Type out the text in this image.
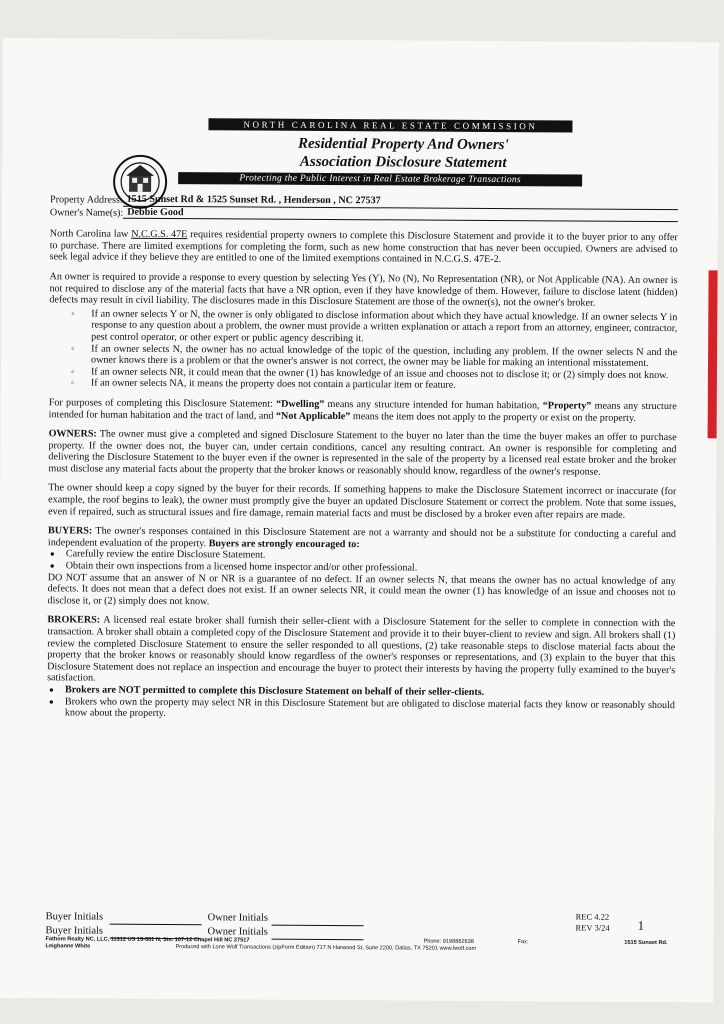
NORTH CAROLINA REAL ESTATE COMMISSION
Residential Property And Owners'
Association Disclosure Statement
Protecting the Public Interest in Real Estate Brokerage Transactions
Property Address: 1515 Sunset Rd & 1525 Sunset Rd. , Henderson , NC 27537
Owner's Name(s): Debbie Good

North Carolina law N.C.G.S. 47E requires residential property owners to complete this Disclosure Statement and provide it to the buyer prior to any offer to purchase. There are limited exemptions for completing the form, such as new home construction that has never been occupied. Owners are advised to seek legal advice if they believe they are entitled to one of the limited exemptions contained in N.C.G.S. 47E-2.

An owner is required to provide a response to every question by selecting Yes (Y), No (N), No Representation (NR), or Not Applicable (NA). An owner is not required to disclose any of the material facts that have a NR option, even if they have knowledge of them. However, failure to disclose latent (hidden) defects may result in civil liability. The disclosures made in this Disclosure Statement are those of the owner(s), not the owner's broker.

◦ If an owner selects Y or N, the owner is only obligated to disclose information about which they have actual knowledge. If an owner selects Y in response to any question about a problem, the owner must provide a written explanation or attach a report from an attorney, engineer, contractor, pest control operator, or other expert or public agency describing it.
◦ If an owner selects N, the owner has no actual knowledge of the topic of the question, including any problem. If the owner selects N and the owner knows there is a problem or that the owner's answer is not correct, the owner may be liable for making an intentional misstatement.
◦ If an owner selects NR, it could mean that the owner (1) has knowledge of an issue and chooses not to disclose it; or (2) simply does not know.
◦ If an owner selects NA, it means the property does not contain a particular item or feature.

For purposes of completing this Disclosure Statement: “Dwelling” means any structure intended for human habitation, “Property” means any structure intended for human habitation and the tract of land, and “Not Applicable” means the item does not apply to the property or exist on the property.

OWNERS: The owner must give a completed and signed Disclosure Statement to the buyer no later than the time the buyer makes an offer to purchase property. If the owner does not, the buyer can, under certain conditions, cancel any resulting contract. An owner is responsible for completing and delivering the Disclosure Statement to the buyer even if the owner is represented in the sale of the property by a licensed real estate broker and the broker must disclose any material facts about the property that the broker knows or reasonably should know, regardless of the owner's response.

The owner should keep a copy signed by the buyer for their records. If something happens to make the Disclosure Statement incorrect or inaccurate (for example, the roof begins to leak), the owner must promptly give the buyer an updated Disclosure Statement or correct the problem. Note that some issues, even if repaired, such as structural issues and fire damage, remain material facts and must be disclosed by a broker even after repairs are made.

BUYERS: The owner's responses contained in this Disclosure Statement are not a warranty and should not be a substitute for conducting a careful and independent evaluation of the property. Buyers are strongly encouraged to:

● Carefully review the entire Disclosure Statement.
● Obtain their own inspections from a licensed home inspector and/or other professional.

DO NOT assume that an answer of N or NR is a guarantee of no defect. If an owner selects N, that means the owner has no actual knowledge of any defects. It does not mean that a defect does not exist. If an owner selects NR, it could mean the owner (1) has knowledge of an issue and chooses not to disclose it, or (2) simply does not know.

BROKERS: A licensed real estate broker shall furnish their seller-client with a Disclosure Statement for the seller to complete in connection with the transaction. A broker shall obtain a completed copy of the Disclosure Statement and provide it to their buyer-client to review and sign. All brokers shall (1) review the completed Disclosure Statement to ensure the seller responded to all questions, (2) take reasonable steps to disclose material facts about the property that the broker knows or reasonably should know regardless of the owner's responses or representations, and (3) explain to the buyer that this Disclosure Statement does not replace an inspection and encourage the buyer to protect their interests by having the property fully examined to the buyer's satisfaction.

● Brokers are NOT permitted to complete this Disclosure Statement on behalf of their seller-clients.
● Brokers who own the property may select NR in this Disclosure Statement but are obligated to disclose material facts they know or reasonably should know about the property.
Buyer Initials	Owner Initials
Buyer Initials	Owner Initials
REC 4.22
REV 3/24 1
Fathom Realty NC, LLC, 11312 US 15-501 N, Ste. 107-12 Chapel Hill NC 27517	Phone: 9198862638	Fax:	1515 Sunset Rd.
Leighanne White	Produced with Lone Wolf Transactions (zipForm Edition) 717 N Harwood St, Suite 2200, Dallas, TX 75201 www.lwolf.com
